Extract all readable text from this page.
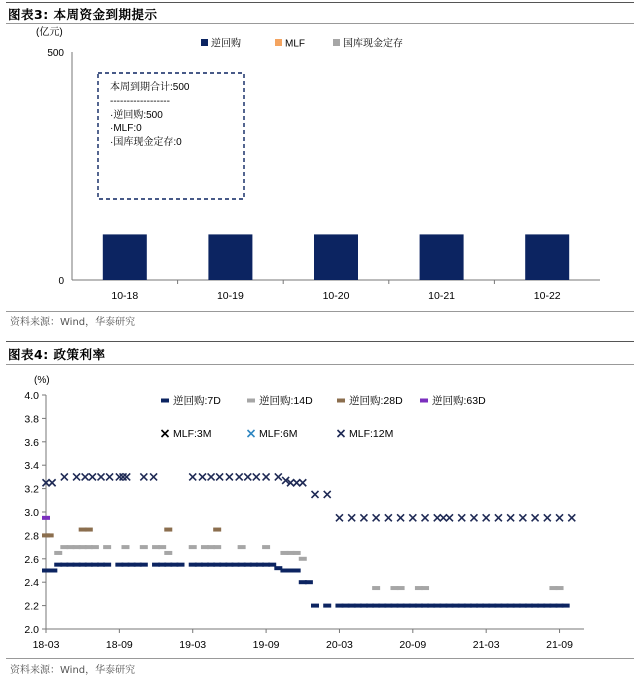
图表3: 本周资金到期提示
(亿元)
0
500
10-18	10-19	10-20	10-21	10-22
逆回购	MLF	国库现金定存
本周到期合计:500
------------------
·逆回购:500
·MLF:0
·国库现金定存:0
资料来源：Wind，华泰研究
图表4: 政策利率
(%)
2.0
2.2
2.4
2.6
2.8
3.0
3.2
3.4
3.6
3.8
4.0
18-03	18-09	19-03	19-09	20-03	20-09	21-03	21-09
逆回购:7D	逆回购:14D	逆回购:28D	逆回购:63D
MLF:3M	MLF:6M	MLF:12M
资料来源：Wind，华泰研究
